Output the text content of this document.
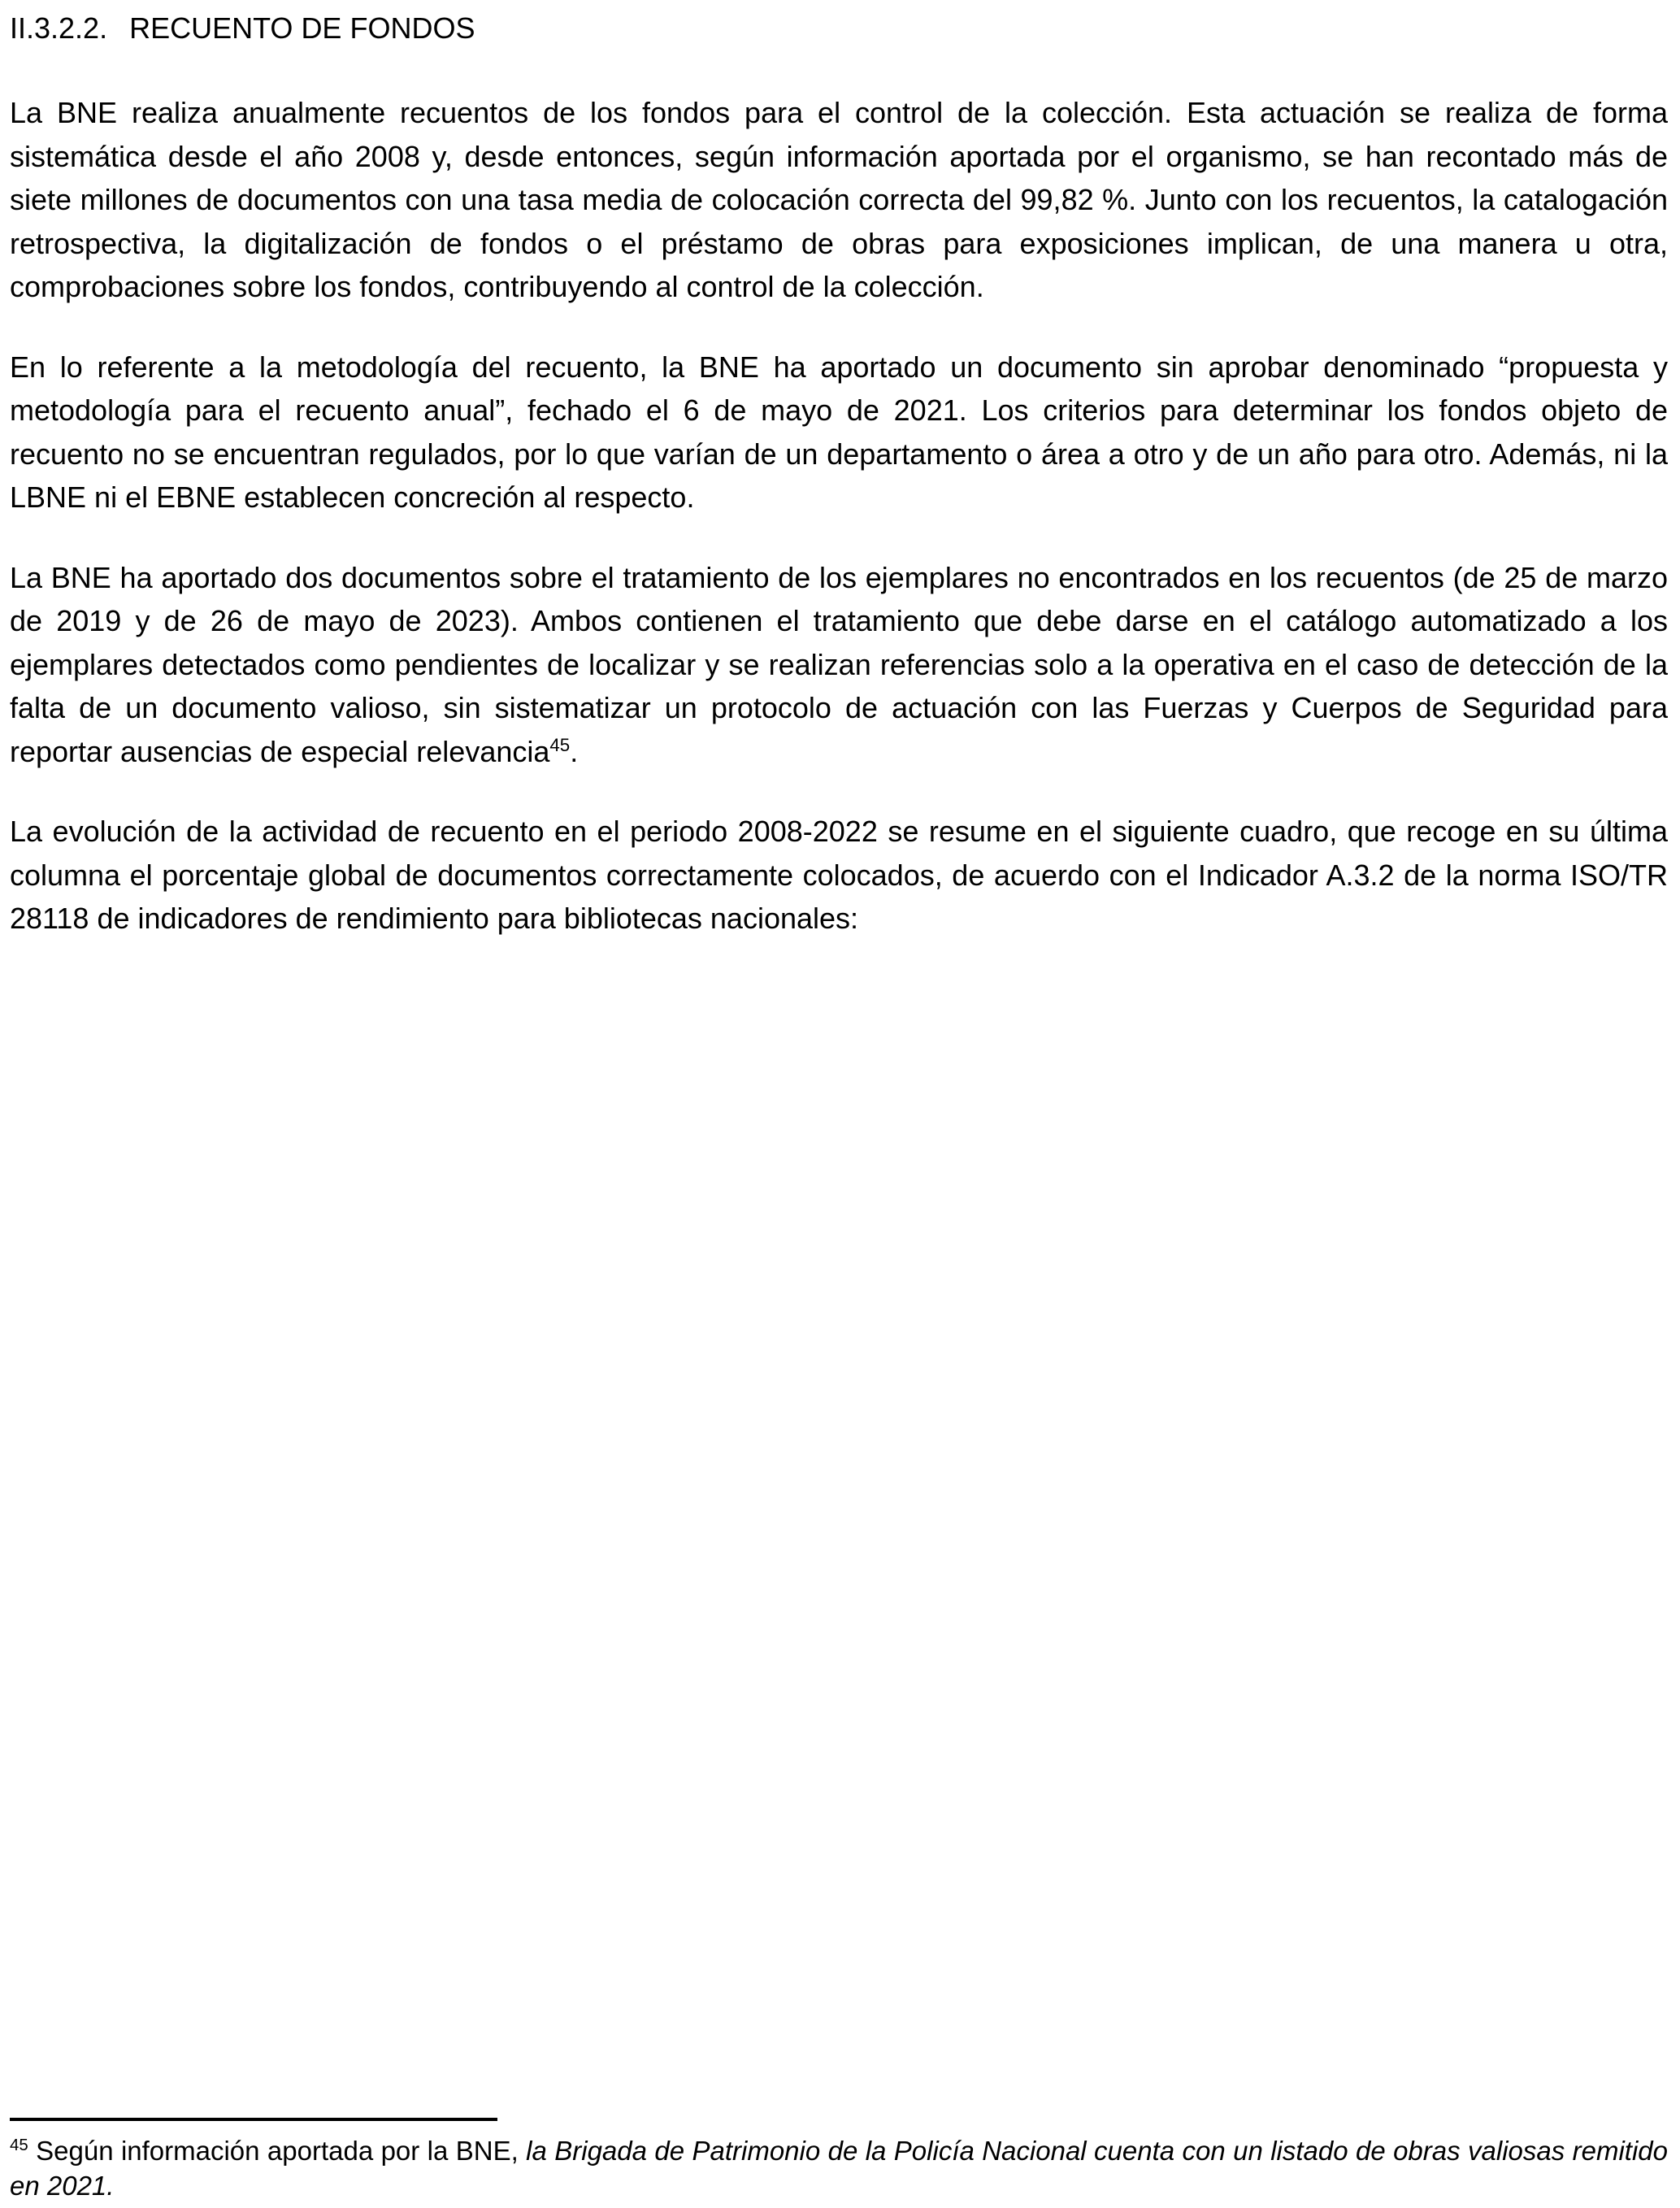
II.3.2.2. RECUENTO DE FONDOS

La BNE realiza anualmente recuentos de los fondos para el control de la colección. Esta actuación se realiza de forma sistemática desde el año 2008 y, desde entonces, según información aportada por el organismo, se han recontado más de siete millones de documentos con una tasa media de colocación correcta del 99,82 %. Junto con los recuentos, la catalogación retrospectiva, la digitalización de fondos o el préstamo de obras para exposiciones implican, de una manera u otra, comprobaciones sobre los fondos, contribuyendo al control de la colección.

En lo referente a la metodología del recuento, la BNE ha aportado un documento sin aprobar denominado “propuesta y metodología para el recuento anual”, fechado el 6 de mayo de 2021. Los criterios para determinar los fondos objeto de recuento no se encuentran regulados, por lo que varían de un departamento o área a otro y de un año para otro. Además, ni la LBNE ni el EBNE establecen concreción al respecto.

La BNE ha aportado dos documentos sobre el tratamiento de los ejemplares no encontrados en los recuentos (de 25 de marzo de 2019 y de 26 de mayo de 2023). Ambos contienen el tratamiento que debe darse en el catálogo automatizado a los ejemplares detectados como pendientes de localizar y se realizan referencias solo a la operativa en el caso de detección de la falta de un documento valioso, sin sistematizar un protocolo de actuación con las Fuerzas y Cuerpos de Seguridad para reportar ausencias de especial relevancia$^{45}$.

La evolución de la actividad de recuento en el periodo 2008-2022 se resume en el siguiente cuadro, que recoge en su última columna el porcentaje global de documentos correctamente colocados, de acuerdo con el Indicador A.3.2 de la norma ISO/TR 28118 de indicadores de rendimiento para bibliotecas nacionales:

$^{45}$ Según información aportada por la BNE, la Brigada de Patrimonio de la Policía Nacional cuenta con un listado de obras valiosas remitido en 2021.
